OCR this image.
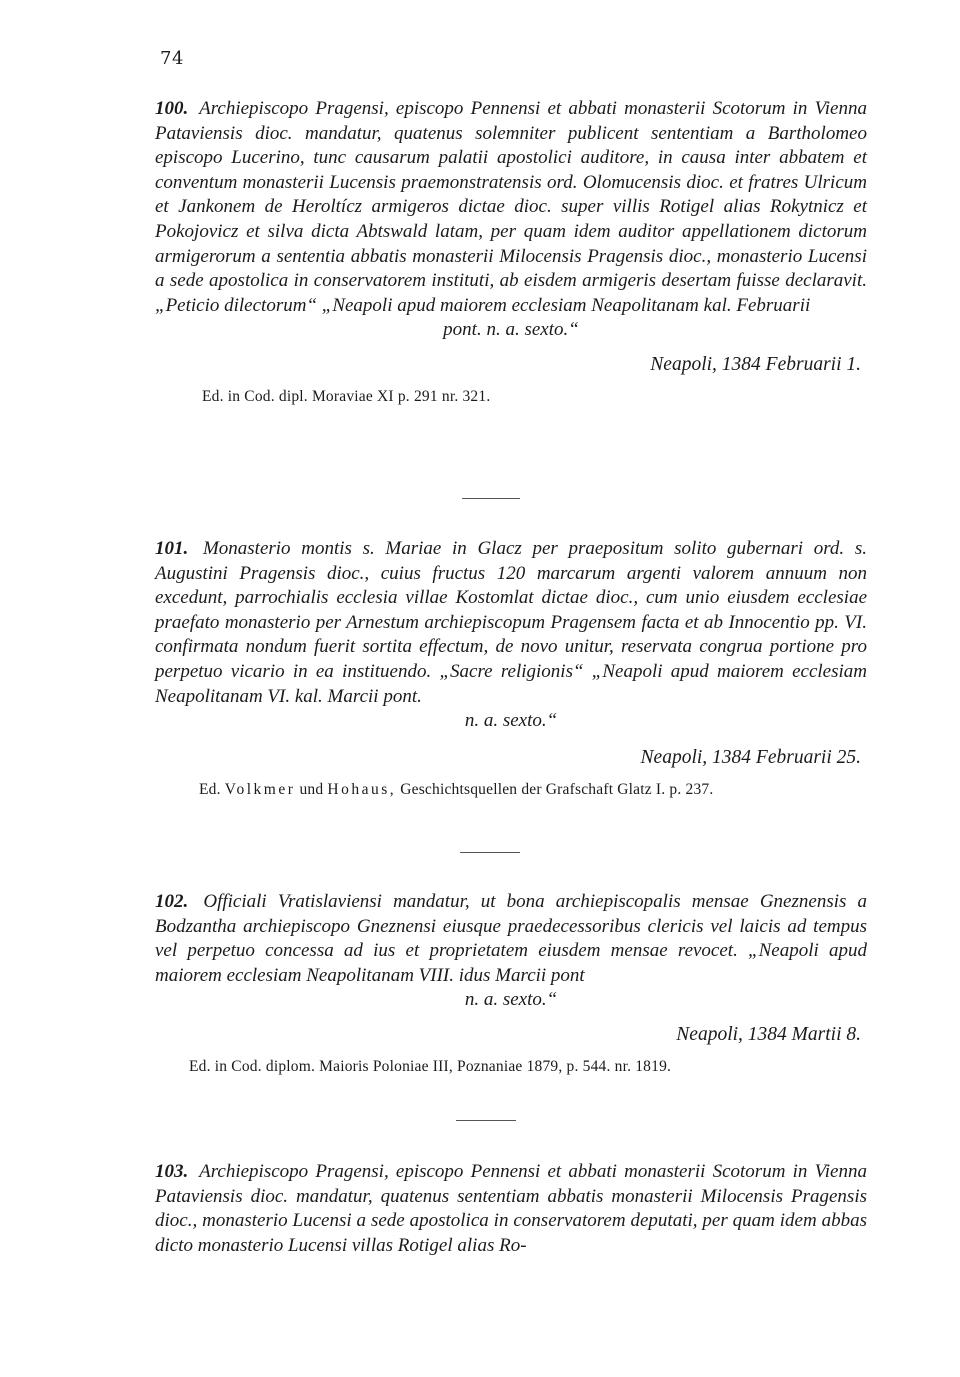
74

100. Archiepiscopo Pragensi, episcopo Pennensi et abbati monasterii Scotorum in Vienna Pataviensis dioc. mandatur, quatenus solemniter publicent sententiam a Bartholomeo episcopo Lucerino, tunc causarum palatii apostolici auditore, in causa inter abbatem et conventum monasterii Lucensis praemonstratensis ord. Olomucensis dioc. et fratres Ulricum et Jankonem de Heroltícz armigeros dictae dioc. super villis Rotigel alias Rokytnicz et Pokojovicz et silva dicta Abtswald latam, per quam idem auditor appellationem dictorum armigerorum a sententia abbatis monasterii Milocensis Pragensis dioc., monasterio Lucensi a sede apostolica in conservatorem instituti, ab eisdem armigeris desertam fuisse declaravit. „Peticio dilectorum“ „Neapoli apud maiorem ecclesiam Neapolitanam kal. Februarii

pont. n. a. sexto.“
Neapoli, 1384 Februarii 1.
Ed. in Cod. dipl. Moraviae XI p. 291 nr. 321.

101. Monasterio montis s. Mariae in Glacz per praepositum solito gubernari ord. s. Augustini Pragensis dioc., cuius fructus 120 marcarum argenti valorem annuum non excedunt, parrochialis ecclesia villae Kostomlat dictae dioc., cum unio eiusdem ecclesiae praefato monasterio per Arnestum archiepiscopum Pragensem facta et ab Innocentio pp. VI. confirmata nondum fuerit sortita effectum, de novo unitur, reservata congrua portione pro perpetuo vicario in ea instituendo. „Sacre religionis“ „Neapoli apud maiorem ecclesiam Neapolitanam VI. kal. Marcii pont.

n. a. sexto.“
Neapoli, 1384 Februarii 25.
Ed. Volkmer und Hohaus, Geschichtsquellen der Grafschaft Glatz I. p. 237.

102. Officiali Vratislaviensi mandatur, ut bona archiepiscopalis mensae Gneznensis a Bodzantha archiepiscopo Gneznensi eiusque praedecessoribus clericis vel laicis ad tempus vel perpetuo concessa ad ius et proprietatem eiusdem mensae revocet. „Neapoli apud maiorem ecclesiam Neapolitanam VIII. idus Marcii pont

n. a. sexto.“
Neapoli, 1384 Martii 8.
Ed. in Cod. diplom. Maioris Poloniae III, Poznaniae 1879, p. 544. nr. 1819.

103. Archiepiscopo Pragensi, episcopo Pennensi et abbati monasterii Scotorum in Vienna Pataviensis dioc. mandatur, quatenus sententiam abbatis monasterii Milocensis Pragensis dioc., monasterio Lucensi a sede apostolica in conservatorem deputati, per quam idem abbas dicto monasterio Lucensi villas Rotigel alias Ro-
